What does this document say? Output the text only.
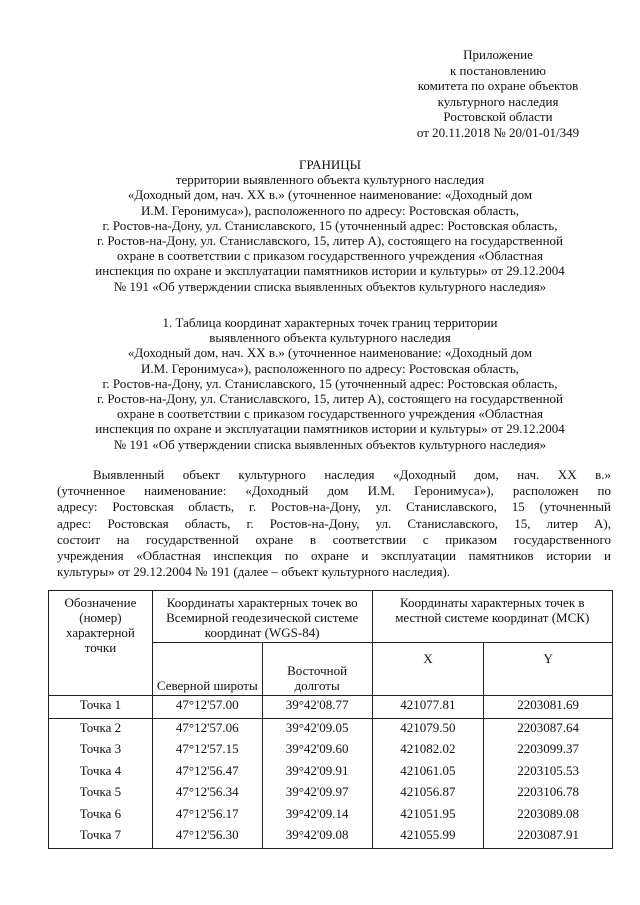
Приложение
к постановлению
комитета по охране объектов
культурного наследия
Ростовской области
от 20.11.2018 № 20/01-01/349
ГРАНИЦЫ
территории выявленного объекта культурного наследия
«Доходный дом, нач. XX в.» (уточненное наименование: «Доходный дом
И.М. Геронимуса»), расположенного по адресу: Ростовская область,
г. Ростов-на-Дону, ул. Станиславского, 15 (уточненный адрес: Ростовская область,
г. Ростов-на-Дону, ул. Станиславского, 15, литер А), состоящего на государственной
охране в соответствии с приказом государственного учреждения «Областная
инспекция по охране и эксплуатации памятников истории и культуры» от 29.12.2004
№ 191 «Об утверждении списка выявленных объектов культурного наследия»
1. Таблица координат характерных точек границ территории
выявленного объекта культурного наследия
«Доходный дом, нач. XX в.» (уточненное наименование: «Доходный дом
И.М. Геронимуса»), расположенного по адресу: Ростовская область,
г. Ростов-на-Дону, ул. Станиславского, 15 (уточненный адрес: Ростовская область,
г. Ростов-на-Дону, ул. Станиславского, 15, литер А), состоящего на государственной
охране в соответствии с приказом государственного учреждения «Областная
инспекция по охране и эксплуатации памятников истории и культуры» от 29.12.2004
№ 191 «Об утверждении списка выявленных объектов культурного наследия»
Выявленный объект культурного наследия «Доходный дом, нач. XX в.»
(уточненное наименование: «Доходный дом И.М. Геронимуса»), расположен по
адресу: Ростовская область, г. Ростов-на-Дону, ул. Станиславского, 15 (уточненный
адрес: Ростовская область, г. Ростов-на-Дону, ул. Станиславского, 15, литер А),
состоит на государственной охране в соответствии с приказом государственного
учреждения «Областная инспекция по охране и эксплуатации памятников истории и
культуры» от 29.12.2004 № 191 (далее – объект культурного наследия).
Обозначение (номер) характерной точки	Координаты характерных точек во Всемирной геодезической системе координат (WGS-84)		Координаты характерных точек в местной системе координат (МСК)	
	Северной широты	Восточной долготы	X	Y
Точка 1	47°12'57.00	39°42'08.77	421077.81	2203081.69
Точка 2	47°12'57.06	39°42'09.05	421079.50	2203087.64
Точка 3	47°12'57.15	39°42'09.60	421082.02	2203099.37
Точка 4	47°12'56.47	39°42'09.91	421061.05	2203105.53
Точка 5	47°12'56.34	39°42'09.97	421056.87	2203106.78
Точка 6	47°12'56.17	39°42'09.14	421051.95	2203089.08
Точка 7	47°12'56.30	39°42'09.08	421055.99	2203087.91
